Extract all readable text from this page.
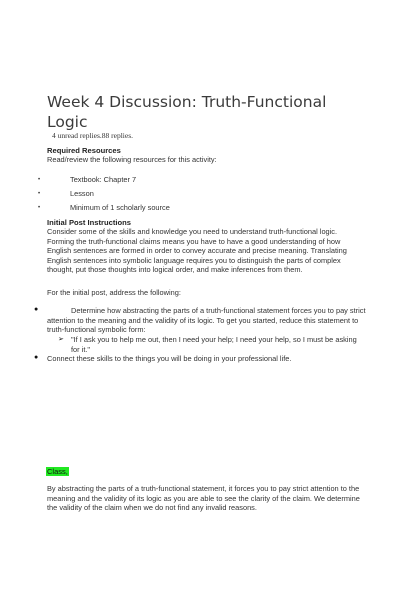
Week 4 Discussion: Truth-Functional Logic
4 unread replies.88 replies.
Required Resources
Read/review the following resources for this activity:
•	Textbook: Chapter 7
•	Lesson
•	Minimum of 1 scholarly source
Initial Post Instructions
Consider some of the skills and knowledge you need to understand truth-functional logic. Forming the truth-functional claims means you have to have a good understanding of how English sentences are formed in order to convey accurate and precise meaning. Translating English sentences into symbolic language requires you to distinguish the parts of complex thought, put those thoughts into logical order, and make inferences from them.
For the initial post, address the following:
●	Determine how abstracting the parts of a truth-functional statement forces you to pay strict attention to the meaning and the validity of its logic. To get you started, reduce this statement to truth-functional symbolic form:
➢ "If I ask you to help me out, then I need your help; I need your help, so I must be asking for it."
● Connect these skills to the things you will be doing in your professional life.
Class,
By abstracting the parts of a truth-functional statement, it forces you to pay strict attention to the meaning and the validity of its logic as you are able to see the clarity of the claim. We determine the validity of the claim when we do not find any invalid reasons.
